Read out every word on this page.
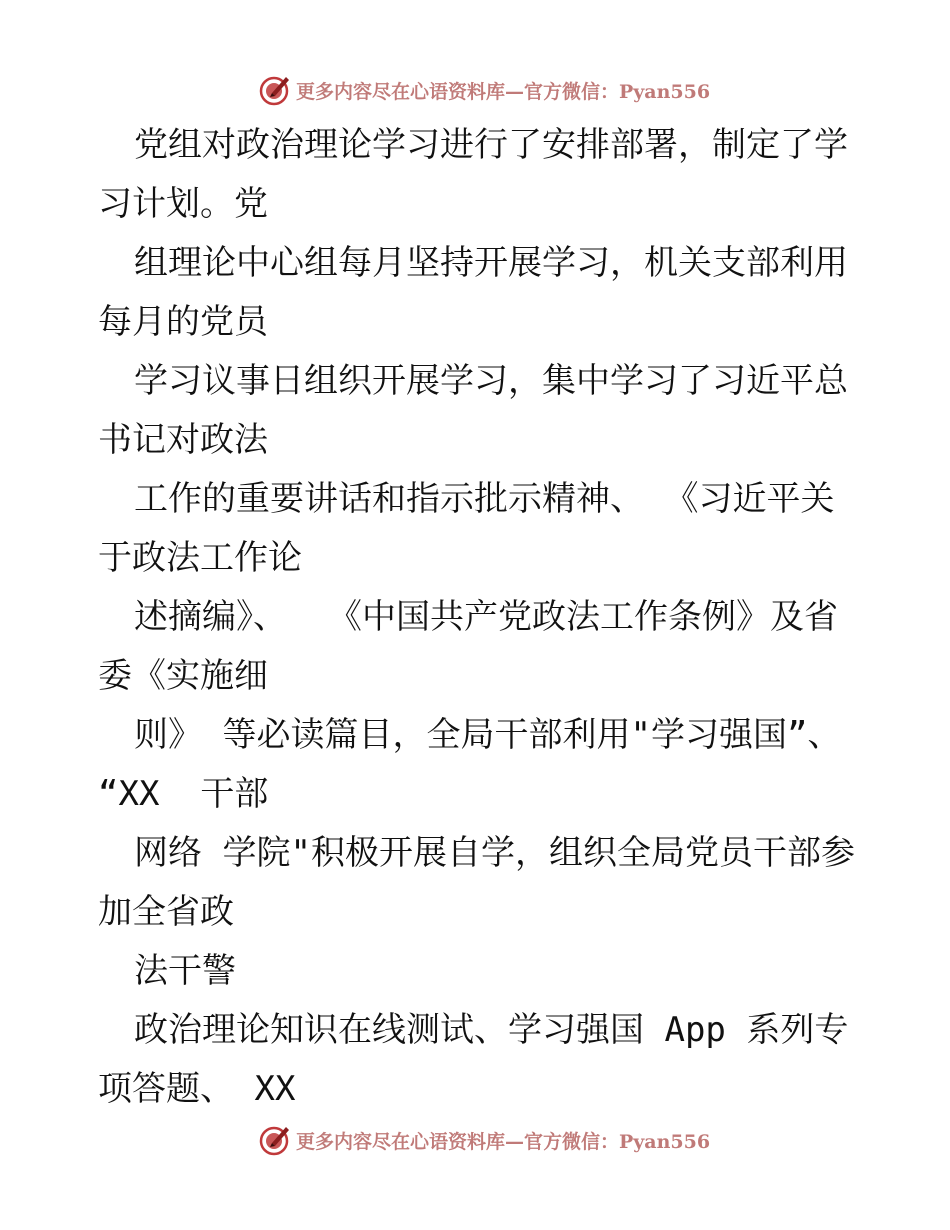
更多内容尽在心语资料库—官方微信：Pyan556
党组对政治理论学习进行了安排部署，制定了学
习计划。党
组理论中心组每月坚持开展学习，机关支部利用
每月的党员
学习议事日组织开展学习，集中学习了习近平总
书记对政法
工作的重要讲话和指示批示精神、 《习近平关
于政法工作论
述摘编》、  《中国共产党政法工作条例》及省
委《实施细
则》 等必读篇目，全局干部利用"学习强国”、
“XX  干部
网络 学院"积极开展自学，组织全局党员干部参
加全省政
法干警
政治理论知识在线测试、学习强国 App 系列专
项答题、 XX
更多内容尽在心语资料库—官方微信：Pyan556
